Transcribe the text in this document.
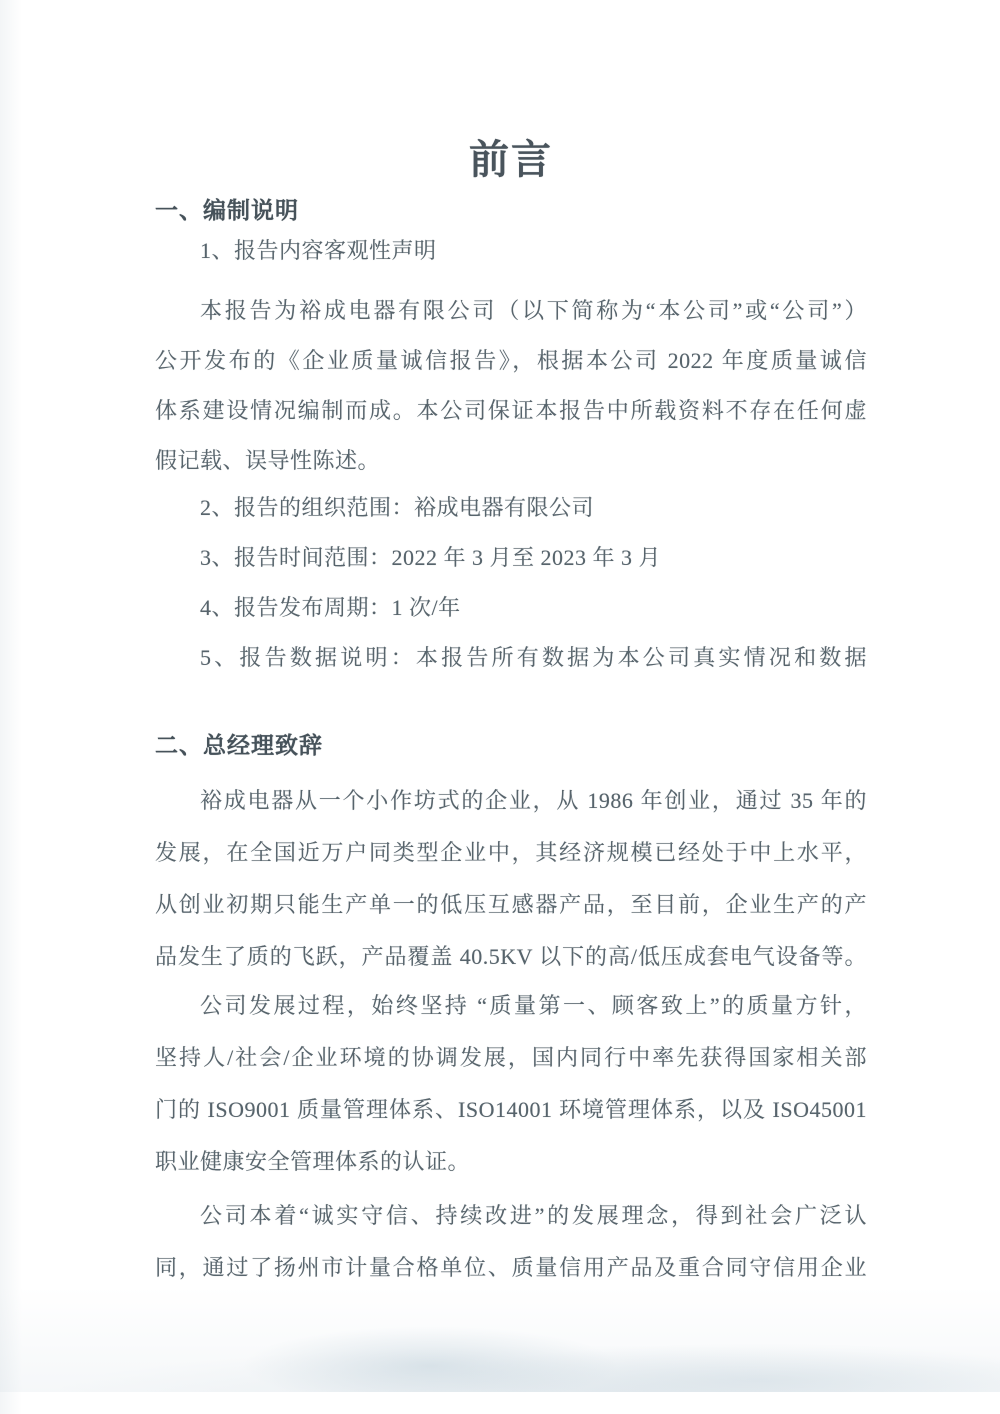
前言
一、编制说明
1、报告内容客观性声明
本报告为裕成电器有限公司（以下简称为“本公司”或“公司”）
公开发布的《企业质量诚信报告》，根据本公司 2022 年度质量诚信
体系建设情况编制而成。本公司保证本报告中所载资料不存在任何虚
假记载、误导性陈述。
2、报告的组织范围：裕成电器有限公司
3、报告时间范围：2022 年 3 月至 2023 年 3 月
4、报告发布周期：1 次/年
5、报告数据说明：本报告所有数据为本公司真实情况和数据
二、总经理致辞
裕成电器从一个小作坊式的企业，从 1986 年创业，通过 35 年的
发展，在全国近万户同类型企业中，其经济规模已经处于中上水平，
从创业初期只能生产单一的低压互感器产品，至目前，企业生产的产
品发生了质的飞跃，产品覆盖 40.5KV 以下的高/低压成套电气设备等。
公司发展过程，始终坚持 “质量第一、顾客致上”的质量方针，
坚持人/社会/企业环境的协调发展，国内同行中率先获得国家相关部
门的 ISO9001 质量管理体系、ISO14001 环境管理体系，以及 ISO45001
职业健康安全管理体系的认证。
公司本着“诚实守信、持续改进”的发展理念，得到社会广泛认
同，通过了扬州市计量合格单位、质量信用产品及重合同守信用企业
